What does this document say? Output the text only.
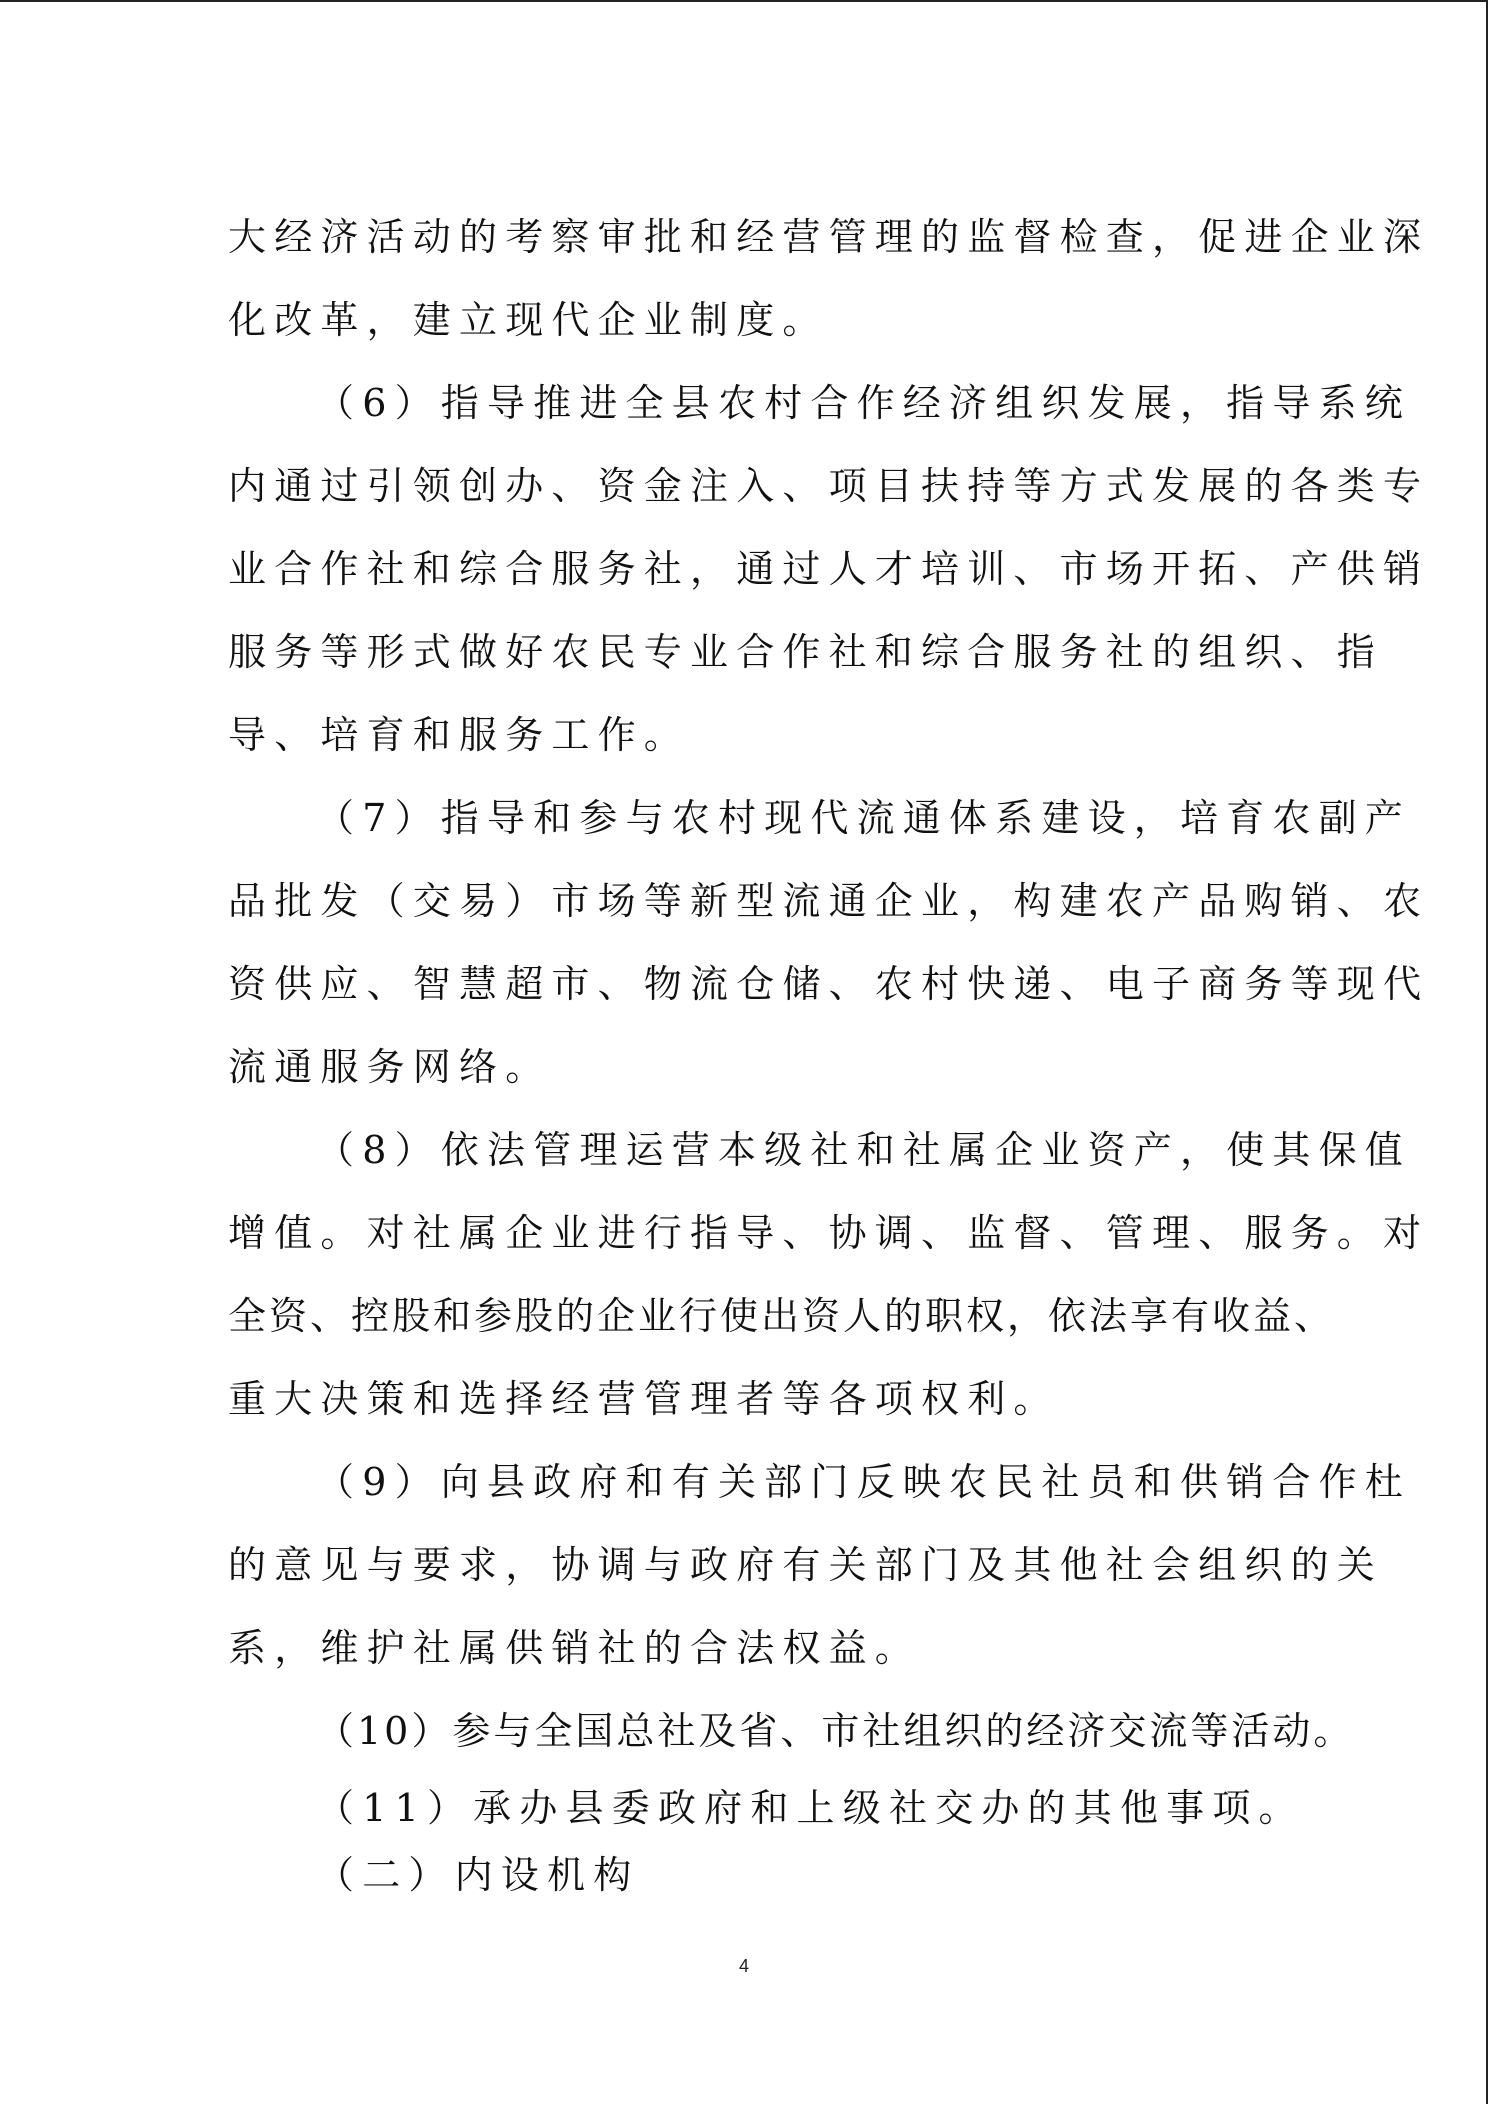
大经济活动的考察审批和经营管理的监督检查，促进企业深

化改革，建立现代企业制度。

（6）指导推进全县农村合作经济组织发展，指导系统

内通过引领创办、资金注入、项目扶持等方式发展的各类专

业合作社和综合服务社，通过人才培训、市场开拓、产供销

服务等形式做好农民专业合作社和综合服务社的组织、指

导、培育和服务工作。

（7）指导和参与农村现代流通体系建设，培育农副产

品批发（交易）市场等新型流通企业，构建农产品购销、农

资供应、智慧超市、物流仓储、农村快递、电子商务等现代

流通服务网络。

（8）依法管理运营本级社和社属企业资产，使其保值

增值。对社属企业进行指导、协调、监督、管理、服务。对

全资、控股和参股的企业行使出资人的职权，依法享有收益、

重大决策和选择经营管理者等各项权利。

（9）向县政府和有关部门反映农民社员和供销合作杜

的意见与要求，协调与政府有关部门及其他社会组织的关

系，维护社属供销社的合法权益。

（10）参与全国总社及省、市社组织的经济交流等活动。

（11）承办县委政府和上级社交办的其他事项。

（二）内设机构

4
